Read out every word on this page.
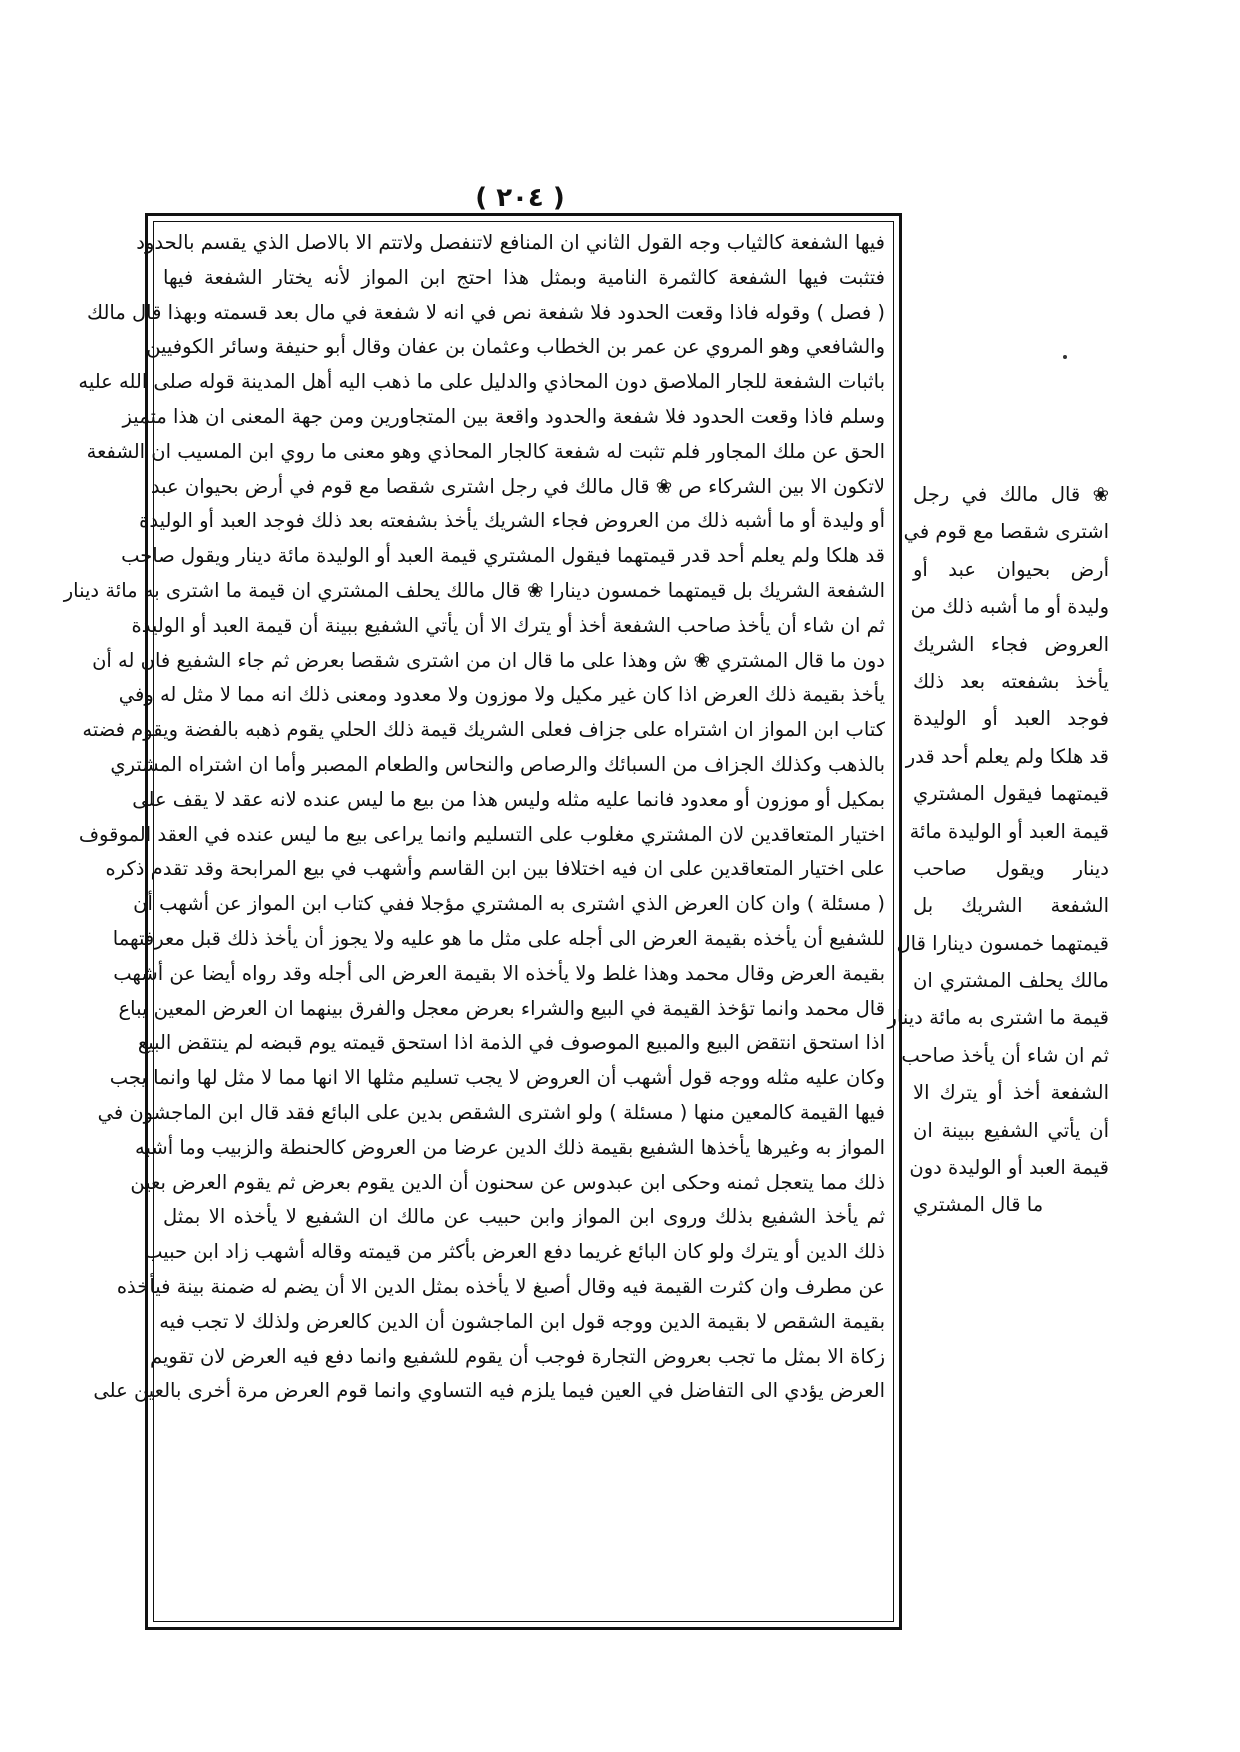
( ٢٠٤ )
فيها الشفعة كالثياب وجه القول الثاني ان المنافع لاتنفصل ولاتتم الا بالاصل الذي يقسم بالحدود
فتثبت فيها الشفعة كالثمرة النامية وبمثل هذا احتج ابن المواز لأنه يختار الشفعة فيها
( فصل ) وقوله فاذا وقعت الحدود فلا شفعة نص في انه لا شفعة في مال بعد قسمته وبهذا قال مالك
والشافعي وهو المروي عن عمر بن الخطاب وعثمان بن عفان وقال أبو حنيفة وسائر الكوفيين
باثبات الشفعة للجار الملاصق دون المحاذي والدليل على ما ذهب اليه أهل المدينة قوله صلى الله عليه
وسلم فاذا وقعت الحدود فلا شفعة والحدود واقعة بين المتجاورين ومن جهة المعنى ان هذا متميز
الحق عن ملك المجاور فلم تثبت له شفعة كالجار المحاذي وهو معنى ما روي ابن المسيب ان الشفعة
لاتكون الا بين الشركاء ص ❀ قال مالك في رجل اشترى شقصا مع قوم في أرض بحيوان عبد
أو وليدة أو ما أشبه ذلك من العروض فجاء الشريك يأخذ بشفعته بعد ذلك فوجد العبد أو الوليدة
قد هلكا ولم يعلم أحد قدر قيمتهما فيقول المشتري قيمة العبد أو الوليدة مائة دينار ويقول صاحب
الشفعة الشريك بل قيمتهما خمسون دينارا ❀ قال مالك يحلف المشتري ان قيمة ما اشترى به مائة دينار
ثم ان شاء أن يأخذ صاحب الشفعة أخذ أو يترك الا أن يأتي الشفيع ببينة أن قيمة العبد أو الوليدة
دون ما قال المشتري ❀ ش وهذا على ما قال ان من اشترى شقصا بعرض ثم جاء الشفيع فان له أن
يأخذ بقيمة ذلك العرض اذا كان غير مكيل ولا موزون ولا معدود ومعنى ذلك انه مما لا مثل له وفي
كتاب ابن المواز ان اشتراه على جزاف فعلى الشريك قيمة ذلك الحلي يقوم ذهبه بالفضة ويقوم فضته
بالذهب وكذلك الجزاف من السبائك والرصاص والنحاس والطعام المصبر وأما ان اشتراه المشتري
بمكيل أو موزون أو معدود فانما عليه مثله وليس هذا من بيع ما ليس عنده لانه عقد لا يقف على
اختيار المتعاقدين لان المشتري مغلوب على التسليم وانما يراعى بيع ما ليس عنده في العقد الموقوف
على اختيار المتعاقدين على ان فيه اختلافا بين ابن القاسم وأشهب في بيع المرابحة وقد تقدم ذكره
( مسئلة ) وان كان العرض الذي اشترى به المشتري مؤجلا ففي كتاب ابن المواز عن أشهب أن
للشفيع أن يأخذه بقيمة العرض الى أجله على مثل ما هو عليه ولا يجوز أن يأخذ ذلك قبل معرفتهما
بقيمة العرض وقال محمد وهذا غلط ولا يأخذه الا بقيمة العرض الى أجله وقد رواه أيضا عن أشهب
قال محمد وانما تؤخذ القيمة في البيع والشراء بعرض معجل والفرق بينهما ان العرض المعين يباع
اذا استحق انتقض البيع والمبيع الموصوف في الذمة اذا استحق قيمته يوم قبضه لم ينتقض البيع
وكان عليه مثله ووجه قول أشهب أن العروض لا يجب تسليم مثلها الا انها مما لا مثل لها وانما يجب
فيها القيمة كالمعين منها ( مسئلة ) ولو اشترى الشقص بدين على البائع فقد قال ابن الماجشون في
المواز به وغيرها يأخذها الشفيع بقيمة ذلك الدين عرضا من العروض كالحنطة والزبيب وما أشبه
ذلك مما يتعجل ثمنه وحكى ابن عبدوس عن سحنون أن الدين يقوم بعرض ثم يقوم العرض بعين
ثم يأخذ الشفيع بذلك وروى ابن المواز وابن حبيب عن مالك ان الشفيع لا يأخذه الا بمثل
ذلك الدين أو يترك ولو كان البائع غريما دفع العرض بأكثر من قيمته وقاله أشهب زاد ابن حبيب
عن مطرف وان كثرت القيمة فيه وقال أصبغ لا يأخذه بمثل الدين الا أن يضم له ضمنة بينة فيأخذه
بقيمة الشقص لا بقيمة الدين ووجه قول ابن الماجشون أن الدين كالعرض ولذلك لا تجب فيه
زكاة الا بمثل ما تجب بعروض التجارة فوجب أن يقوم للشفيع وانما دفع فيه العرض لان تقويم
العرض يؤدي الى التفاضل في العين فيما يلزم فيه التساوي وانما قوم العرض مرة أخرى بالعين على
❀ قال مالك في رجل
اشترى شقصا مع قوم في
أرض بحيوان عبد أو
وليدة أو ما أشبه ذلك من
العروض فجاء الشريك
يأخذ بشفعته بعد ذلك
فوجد العبد أو الوليدة
قد هلكا ولم يعلم أحد قدر
قيمتهما فيقول المشتري
قيمة العبد أو الوليدة مائة
دينار ويقول صاحب
الشفعة الشريك بل
قيمتهما خمسون دينارا قال
مالك يحلف المشتري ان
قيمة ما اشترى به مائة دينار
ثم ان شاء أن يأخذ صاحب
الشفعة أخذ أو يترك الا
أن يأتي الشفيع ببينة ان
قيمة العبد أو الوليدة دون
ما قال المشتري
